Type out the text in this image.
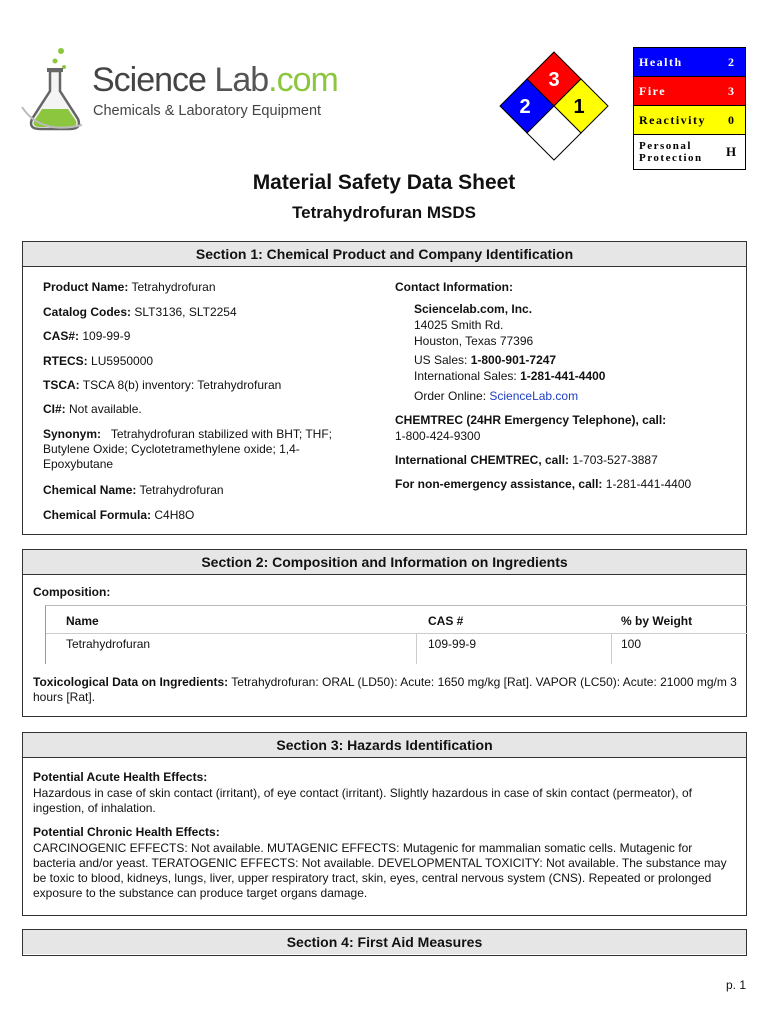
Science Lab.com
Chemicals & Laboratory Equipment
3
2 1
Health	2
Fire	3
Reactivity	0
Personal
Protection	H
Material Safety Data Sheet
Tetrahydrofuran MSDS
Section 1: Chemical Product and Company Identification

Product Name: Tetrahydrofuran

Catalog Codes: SLT3136, SLT2254

CAS#: 109-99-9

RTECS: LU5950000

TSCA: TSCA 8(b) inventory: Tetrahydrofuran

CI#: Not available.

Synonym: Tetrahydrofuran stabilized with BHT; THF; Butylene Oxide; Cyclotetramethylene oxide; 1,4-Epoxybutane

Chemical Name: Tetrahydrofuran

Chemical Formula: C4H8O

Contact Information:

Sciencelab.com, Inc.

14025 Smith Rd.

Houston, Texas 77396

US Sales: 1-800-901-7247

International Sales: 1-281-441-4400

Order Online: ScienceLab.com

CHEMTREC (24HR Emergency Telephone), call:

1-800-424-9300

International CHEMTREC, call: 1-703-527-3887

For non-emergency assistance, call: 1-281-441-4400

Section 2: Composition and Information on Ingredients
Composition:
Name	CAS #	% by Weight
Tetrahydrofuran	109-99-9	100
Toxicological Data on Ingredients: Tetrahydrofuran: ORAL (LD50): Acute: 1650 mg/kg [Rat]. VAPOR (LC50): Acute: 21000 mg/m 3 hours [Rat].
Section 3: Hazards Identification
Potential Acute Health Effects:
Hazardous in case of skin contact (irritant), of eye contact (irritant). Slightly hazardous in case of skin contact (permeator), of ingestion, of inhalation.
Potential Chronic Health Effects:
CARCINOGENIC EFFECTS: Not available. MUTAGENIC EFFECTS: Mutagenic for mammalian somatic cells. Mutagenic for bacteria and/or yeast. TERATOGENIC EFFECTS: Not available. DEVELOPMENTAL TOXICITY: Not available. The substance may be toxic to blood, kidneys, lungs, liver, upper respiratory tract, skin, eyes, central nervous system (CNS). Repeated or prolonged exposure to the substance can produce target organs damage.
Section 4: First Aid Measures
p. 1
